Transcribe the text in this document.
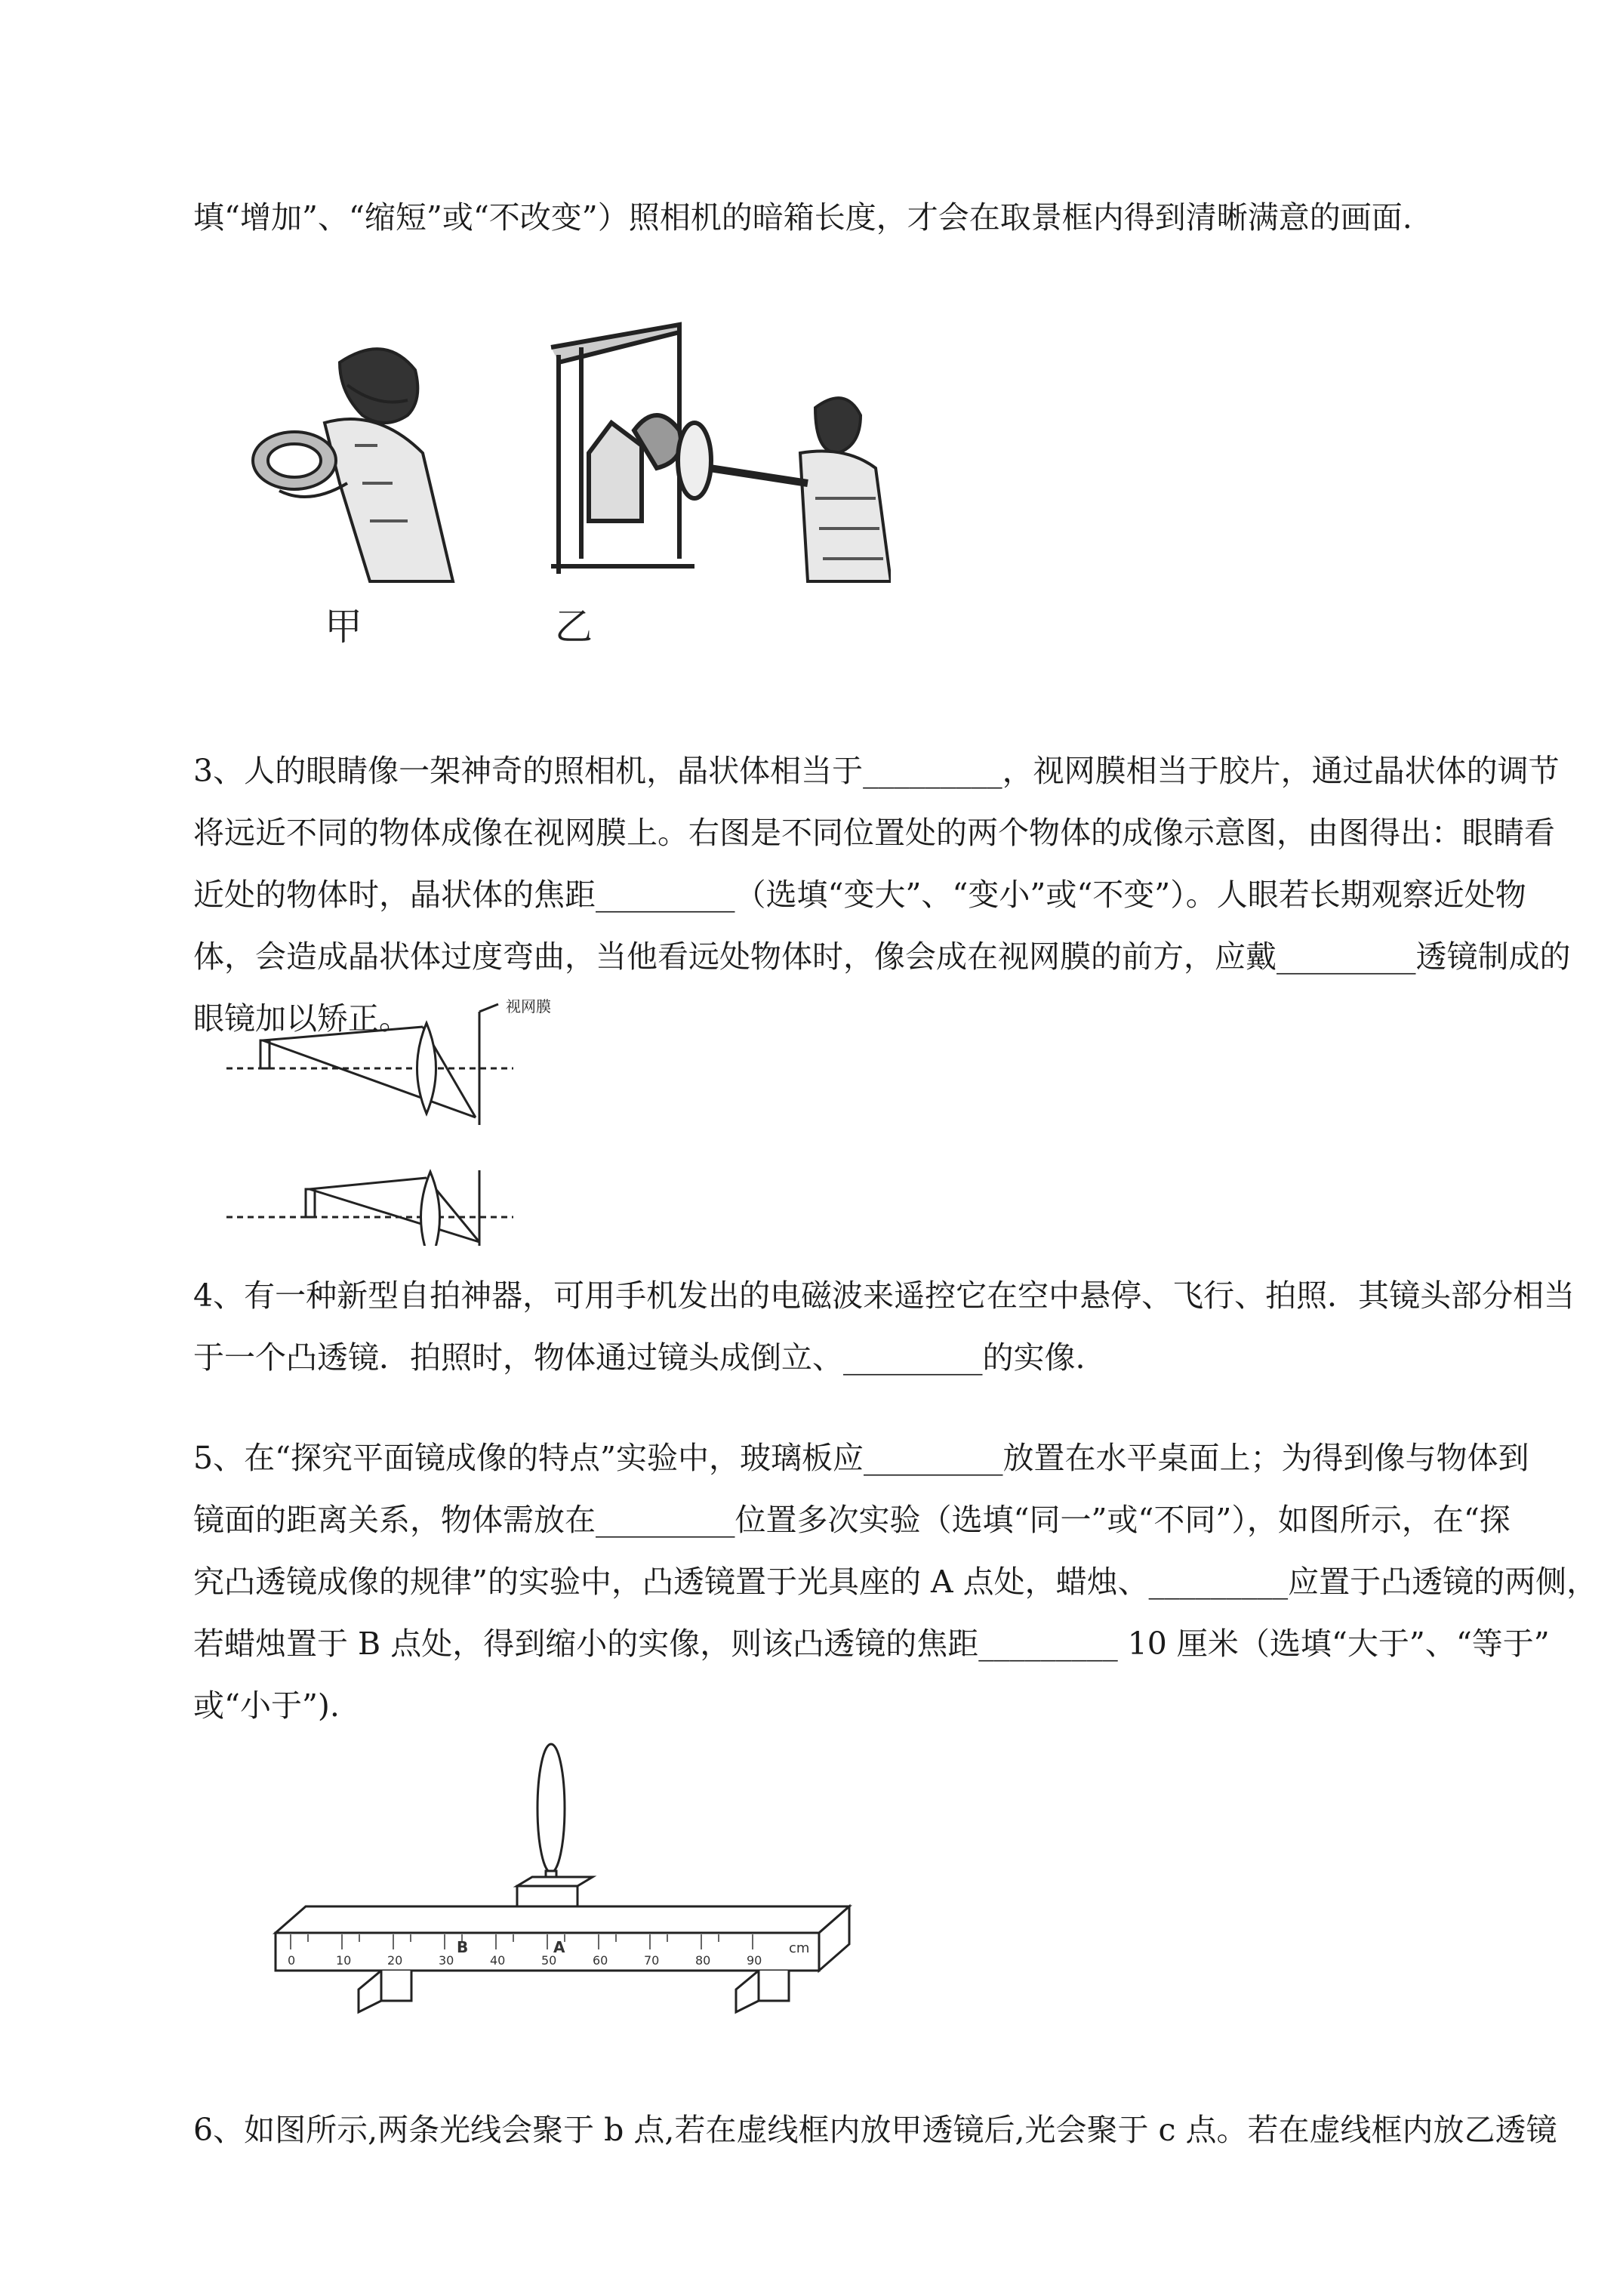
填“增加”、“缩短”或“不改变”）照相机的暗箱长度，才会在取景框内得到清晰满意的画面.

甲	乙
3、人的眼睛像一架神奇的照相机，晶状体相当于_________，视网膜相当于胶片，通过晶状体的调节
将远近不同的物体成像在视网膜上。右图是不同位置处的两个物体的成像示意图，由图得出：眼睛看
近处的物体时，晶状体的焦距_________（选填“变大”、“变小”或“不变”）。人眼若长期观察近处物
体，会造成晶状体过度弯曲，当他看远处物体时，像会成在视网膜的前方，应戴_________透镜制成的
眼镜加以矫正。	视网膜
4、有一种新型自拍神器，可用手机发出的电磁波来遥控它在空中悬停、飞行、拍照．其镜头部分相当
于一个凸透镜．拍照时，物体通过镜头成倒立、_________的实像.
5、在“探究平面镜成像的特点”实验中，玻璃板应_________放置在水平桌面上；为得到像与物体到
镜面的距离关系，物体需放在_________位置多次实验（选填“同一”或“不同”），如图所示，在“探
究凸透镜成像的规律”的实验中，凸透镜置于光具座的 A 点处，蜡烛、_________应置于凸透镜的两侧，
若蜡烛置于 B 点处，得到缩小的实像，则该凸透镜的焦距_________ 10 厘米（选填“大于”、“等于”
或“小于”).
0	10	20	30	40	50	60	70	80	90
cm
B	A
6、如图所示,两条光线会聚于 b 点,若在虚线框内放甲透镜后,光会聚于 c 点。若在虚线框内放乙透镜
